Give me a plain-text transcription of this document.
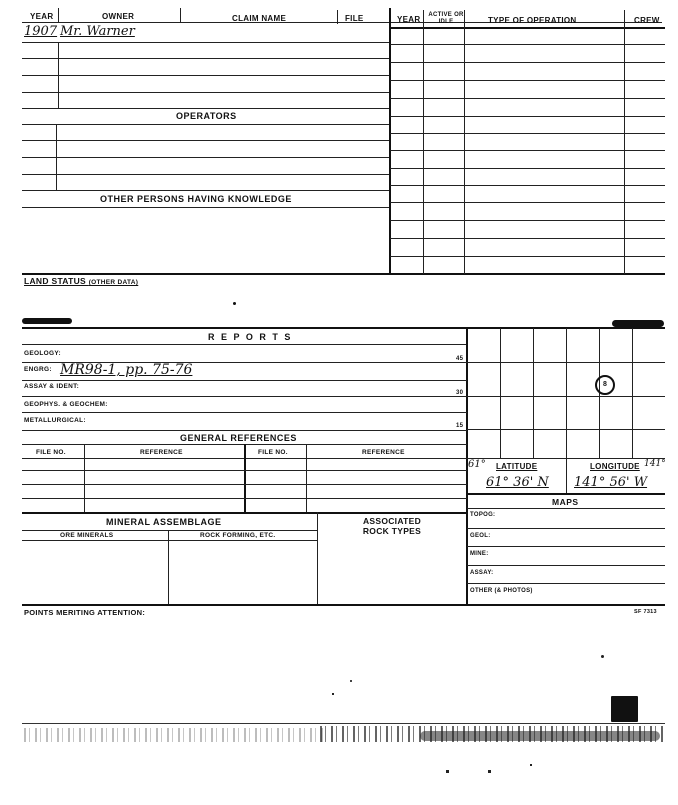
YEAR	OWNER	CLAIM NAME	FILE	YEAR ACTIVE OR IDLE	TYPE OF OPERATION	CREW
1907 Mr. Warner
OPERATORS
OTHER PERSONS HAVING KNOWLEDGE
LAND STATUS (OTHER DATA)
R E P O R T S
GEOLOGY:
45
ENGRG: MR98-1, pp. 75-76
ASSAY & IDENT:
30
GEOPHYS. & GEOCHEM:
METALLURGICAL:
15
GENERAL REFERENCES
FILE NO.	REFERENCE	FILE NO.	REFERENCE
MINERAL ASSEMBLAGE	ASSOCIATED ROCK TYPES
ORE MINERALS	ROCK FORMING, ETC.
8
61° LATITUDE	LONGITUDE 141°
61° 36' N 141° 56' W
MAPS
TOPOG:
GEOL:
MINE:
ASSAY:
OTHER (& PHOTOS)
POINTS MERITING ATTENTION:	SF 7313
